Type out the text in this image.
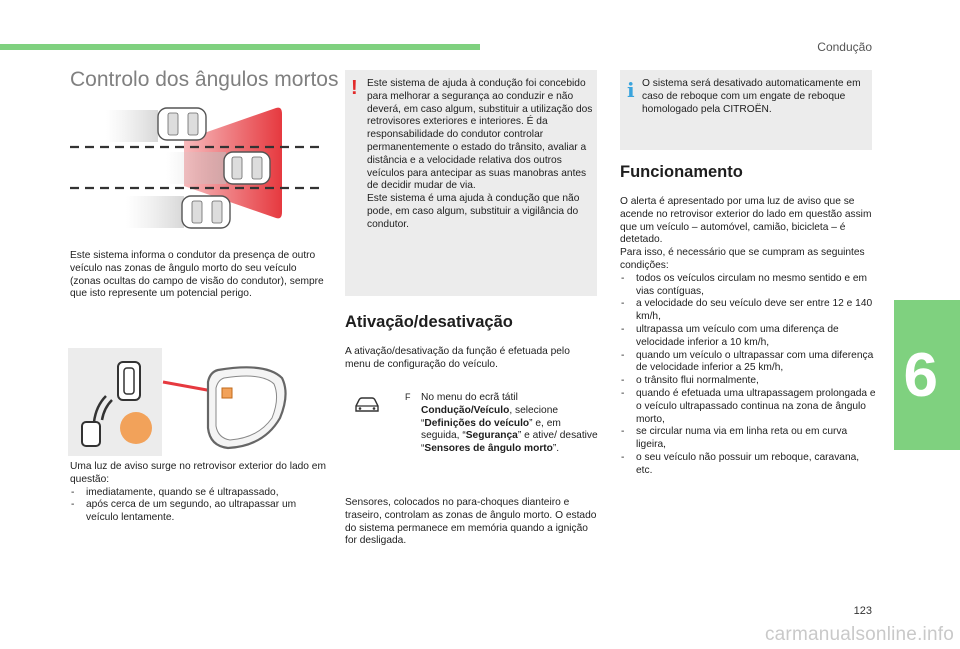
Condução
6
Controlo dos ângulos mortos

Este sistema informa o condutor da presença de outro veículo nas zonas de ângulo morto do seu veículo (zonas ocultas do campo de visão do condutor), sempre que isto represente um potencial perigo.

Uma luz de aviso surge no retrovisor exterior do lado em questão:
- imediatamente, quando se é ultrapassado,
- após cerca de um segundo, ao ultrapassar um veículo lentamente.
! Este sistema de ajuda à condução foi concebido para melhorar a segurança ao conduzir e não deverá, em caso algum, substituir a utilização dos retrovisores exteriores e interiores. É da responsabilidade do condutor controlar permanentemente o estado do trânsito, avaliar a distância e a velocidade relativa dos outros veículos para antecipar as suas manobras antes de decidir mudar de via.
Este sistema é uma ajuda à condução que não pode, em caso algum, substituir a vigilância do condutor.
Ativação/desativação

A ativação/desativação da função é efetuada pelo menu de configuração do veículo.

F No menu do ecrã tátil Condução/Veículo, selecione “Definições do veículo” e, em seguida, “Segurança” e ative/ desative “Sensores de ângulo morto”.

Sensores, colocados no para-choques dianteiro e traseiro, controlam as zonas de ângulo morto. O estado do sistema permanece em memória quando a ignição for desligada.

i O sistema será desativado automaticamente em caso de reboque com um engate de reboque homologado pela CITROËN.
Funcionamento
O alerta é apresentado por uma luz de aviso que se acende no retrovisor exterior do lado em questão assim que um veículo – automóvel, camião, bicicleta – é detetado.
Para isso, é necessário que se cumpram as seguintes condições:
- todos os veículos circulam no mesmo sentido e em vias contíguas,
- a velocidade do seu veículo deve ser entre 12 e 140 km/h,
- ultrapassa um veículo com uma diferença de velocidade inferior a 10 km/h,
- quando um veículo o ultrapassar com uma diferença de velocidade inferior a 25 km/h,
- o trânsito flui normalmente,
- quando é efetuada uma ultrapassagem prolongada e o veículo ultrapassado continua na zona de ângulo morto,
- se circular numa via em linha reta ou em curva ligeira,
- o seu veículo não possuir um reboque, caravana, etc.
123
carmanualsonline.info
